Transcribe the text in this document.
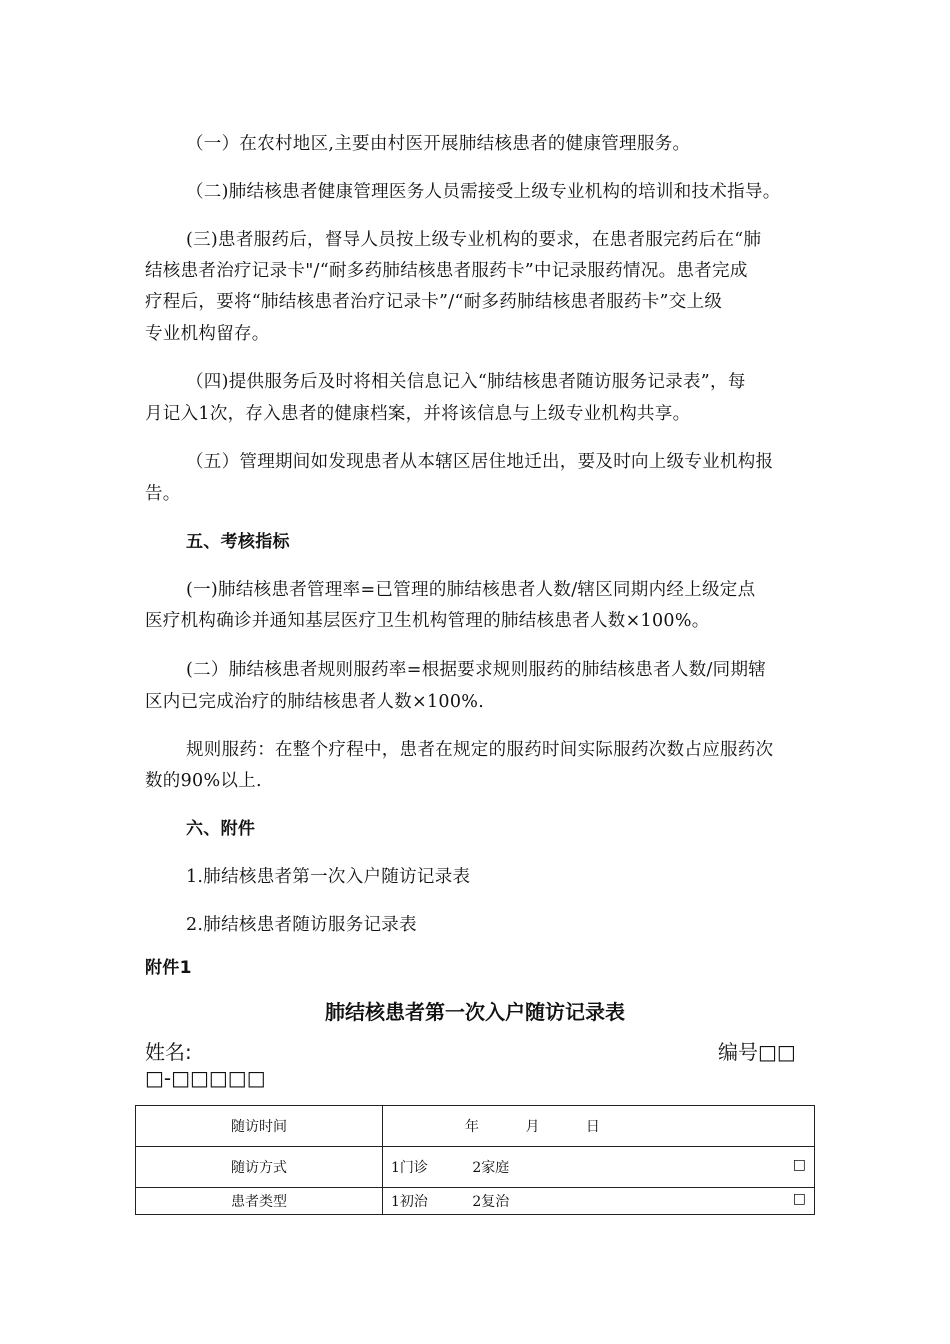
（一）在农村地区,主要由村医开展肺结核患者的健康管理服务。
（二)肺结核患者健康管理医务人员需接受上级专业机构的培训和技术指导。
(三)患者服药后，督导人员按上级专业机构的要求，在患者服完药后在“肺
结核患者治疗记录卡"/“耐多药肺结核患者服药卡”中记录服药情况。患者完成
疗程后，要将“肺结核患者治疗记录卡”/“耐多药肺结核患者服药卡”交上级
专业机构留存。
（四)提供服务后及时将相关信息记入“肺结核患者随访服务记录表”，每
月记入1次，存入患者的健康档案，并将该信息与上级专业机构共享。
（五）管理期间如发现患者从本辖区居住地迁出，要及时向上级专业机构报
告。
五、考核指标
(一)肺结核患者管理率=已管理的肺结核患者人数/辖区同期内经上级定点
医疗机构确诊并通知基层医疗卫生机构管理的肺结核患者人数×100%。
(二）肺结核患者规则服药率=根据要求规则服药的肺结核患者人数/同期辖
区内已完成治疗的肺结核患者人数×100%.
规则服药：在整个疗程中，患者在规定的服药时间实际服药次数占应服药次
数的90%以上.
六、附件
1.肺结核患者第一次入户随访记录表
2.肺结核患者随访服务记录表
附件1
肺结核患者第一次入户随访记录表
姓名:	编号□□
□-□□□□□
随访时间	年 月 日
随访方式	1门诊 2家庭 □

患者类型	1初治 2复治 □
